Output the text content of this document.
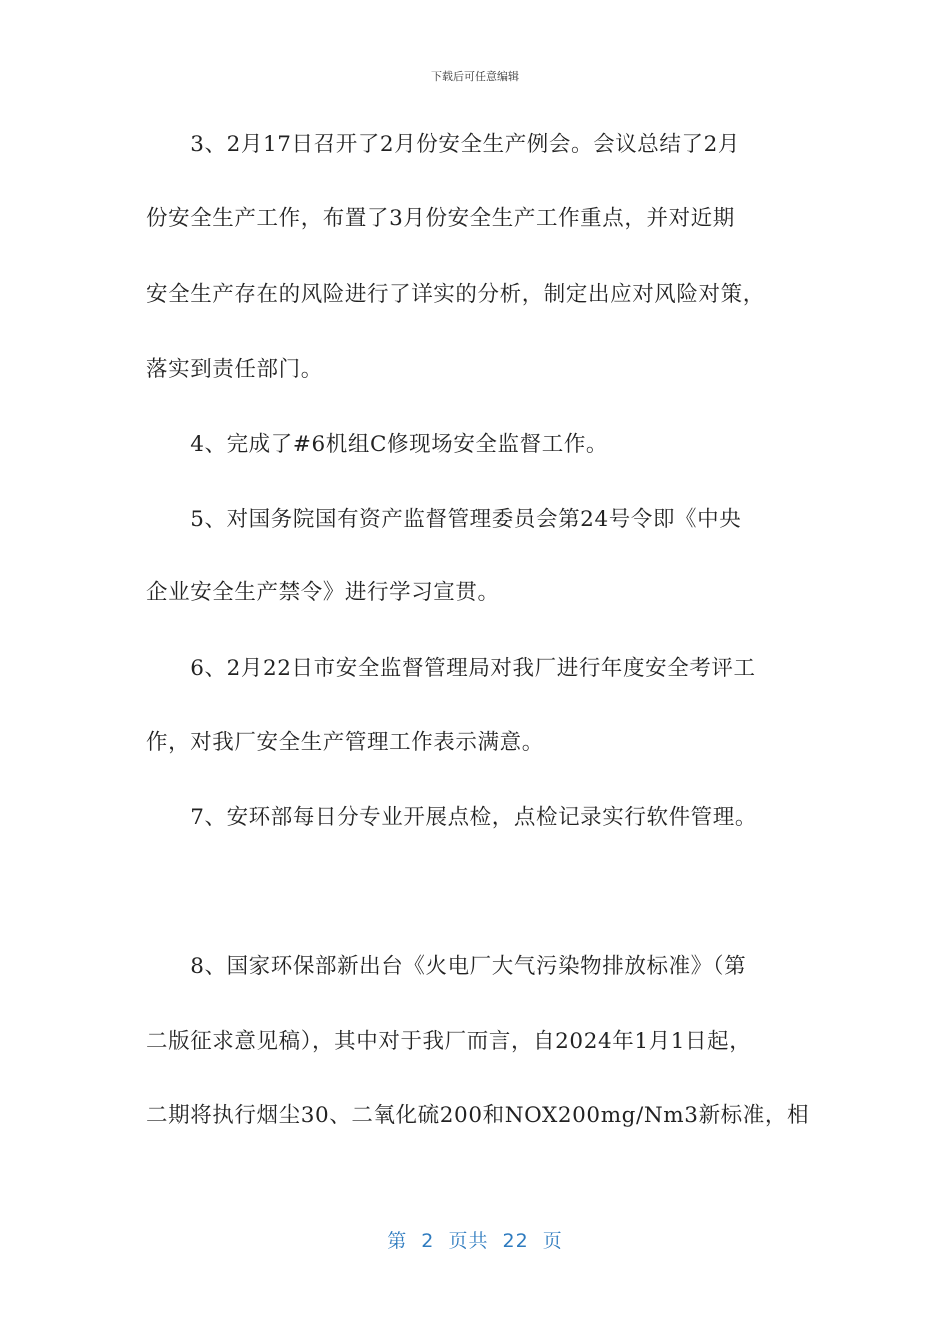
下载后可任意编辑
　　3、2月17日召开了2月份安全生产例会。会议总结了2月
份安全生产工作，布置了3月份安全生产工作重点，并对近期
安全生产存在的风险进行了详实的分析，制定出应对风险对策，
落实到责任部门。
　　4、完成了#6机组C修现场安全监督工作。
　　5、对国务院国有资产监督管理委员会第24号令即《中央
企业安全生产禁令》进行学习宣贯。
　　6、2月22日市安全监督管理局对我厂进行年度安全考评工
作，对我厂安全生产管理工作表示满意。
　　7、安环部每日分专业开展点检，点检记录实行软件管理。
　　8、国家环保部新出台《火电厂大气污染物排放标准》（第
二版征求意见稿），其中对于我厂而言，自2024年1月1日起，
二期将执行烟尘30、二氧化硫200和NOX200mg/Nm3新标准，相
第  2  页共  22  页
